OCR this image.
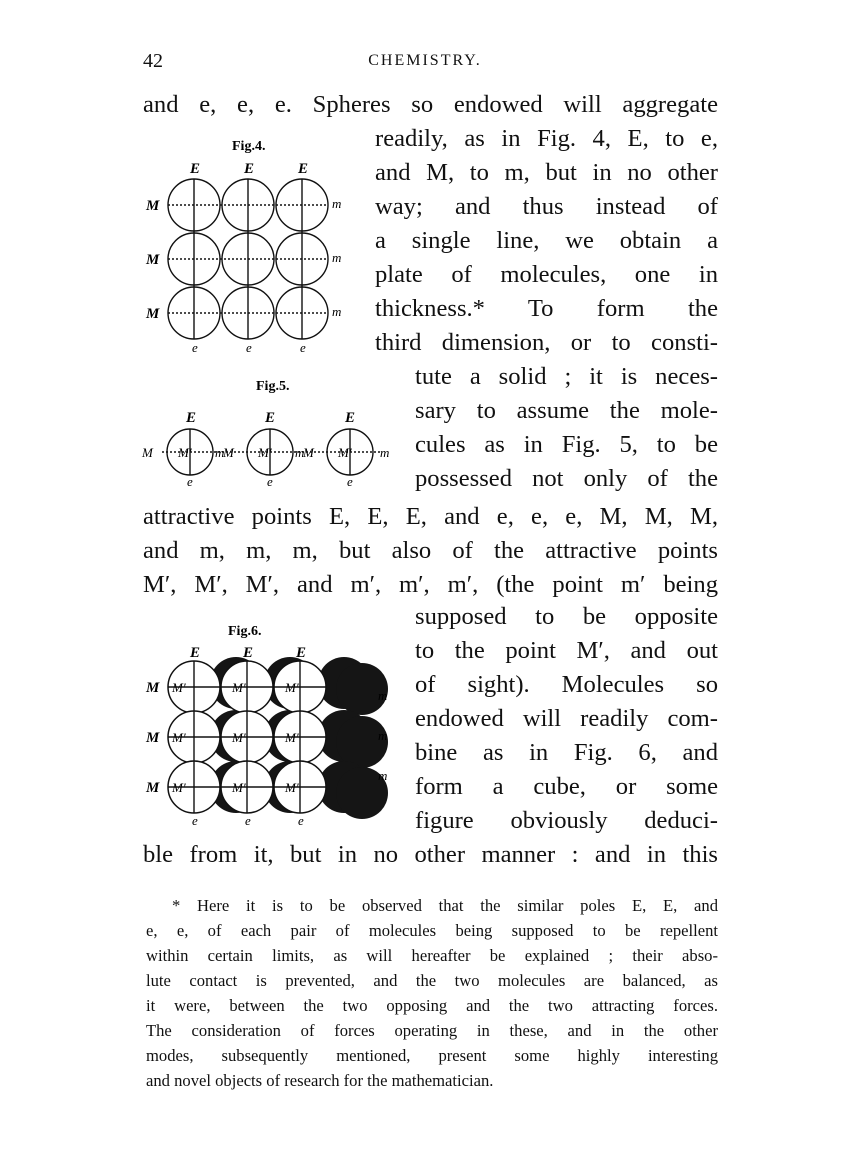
42	CHEMISTRY.
Fig.4.
E	E	E
M
M
M
m
m
m
e	e	e
Fig.5.
E	E	E
M M′ m
M M′ m
M M′ m
e	e	e
Fig.6.
E	E	E
M
M
M
M′	M′	M′
M′	M′	M′
M′	M′	M′
m
m
m
e	e	e
and e, e, e. Spheres so endowed will aggregate
readily, as in Fig. 4, E, to e,
and M, to m, but in no other
way; and thus instead of
a single line, we obtain a
plate of molecules, one in
thickness.* To form the
third dimension, or to consti-
tute a solid ; it is neces-
sary to assume the mole-
cules as in Fig. 5, to be
possessed not only of the
attractive points E, E, E, and e, e, e, M, M, M,
and m, m, m, but also of the attractive points
M′, M′, M′, and m′, m′, m′, (the point m′ being
supposed to be opposite
to the point M′, and out
of sight). Molecules so
endowed will readily com-
bine as in Fig. 6, and
form a cube, or some
figure obviously deduci-
ble from it, but in no other manner : and in this
* Here it is to be observed that the similar poles E, E, and
e, e, of each pair of molecules being supposed to be repellent
within certain limits, as will hereafter be explained ; their abso-
lute contact is prevented, and the two molecules are balanced, as
it were, between the two opposing and the two attracting forces.
The consideration of forces operating in these, and in the other
modes, subsequently mentioned, present some highly interesting
and novel objects of research for the mathematician.
